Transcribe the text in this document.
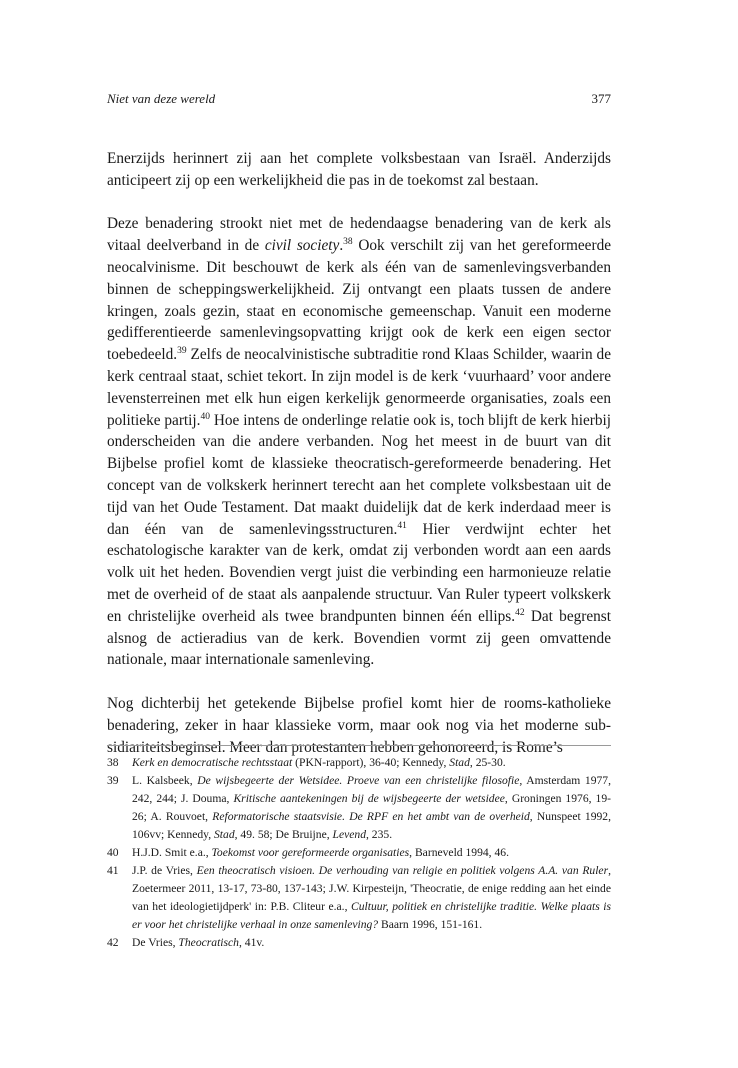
Niet van deze wereld	377

Enerzijds herinnert zij aan het complete volksbestaan van Israël. Anderzijds anticipeert zij op een werkelijkheid die pas in de toekomst zal bestaan.

Deze benadering strookt niet met de hedendaagse benadering van de kerk als vitaal deelverband in de civil society.$^{38}$ Ook verschilt zij van het gereformeerde neocalvinisme. Dit beschouwt de kerk als één van de samenlevingsverbanden binnen de scheppingswerkelijkheid. Zij ontvangt een plaats tussen de andere kringen, zoals gezin, staat en economische gemeenschap. Vanuit een moderne gedifferentieerde samenlevingsopvatting krijgt ook de kerk een eigen sector toebedeeld.$^{39}$ Zelfs de neocalvinistische subtraditie rond Klaas Schilder, waarin de kerk centraal staat, schiet tekort. In zijn model is de kerk ‘vuurhaard’ voor andere levensterreinen met elk hun eigen kerkelijk genormeerde organisaties, zoals een politieke partij.$^{40}$ Hoe intens de onderlinge relatie ook is, toch blijft de kerk hierbij onderscheiden van die andere verbanden. Nog het meest in de buurt van dit Bijbelse profiel komt de klassieke theocratisch-gereformeerde benadering. Het concept van de volkskerk herinnert terecht aan het complete volksbestaan uit de tijd van het Oude Testament. Dat maakt duidelijk dat de kerk inderdaad meer is dan één van de samenlevingsstructuren.$^{41}$ Hier verdwijnt echter het eschatologische karakter van de kerk, omdat zij verbonden wordt aan een aards volk uit het heden. Bovendien vergt juist die verbinding een harmonieuze relatie met de overheid of de staat als aanpalende structuur. Van Ruler typeert volkskerk en christelijke overheid als twee brandpunten binnen één ellips.$^{42}$ Dat begrenst alsnog de actieradius van de kerk. Bovendien vormt zij geen omvattende nationale, maar internationale samenleving.

Nog dichterbij het getekende Bijbelse profiel komt hier de rooms-katholieke benadering, zeker in haar klassieke vorm, maar ook nog via het moderne subsidiariteitsbeginsel. Meer dan protestanten hebben gehonoreerd, is Rome’s

38	Kerk en democratische rechtsstaat (PKN-rapport), 36-40; Kennedy, Stad, 25-30.
39	L. Kalsbeek, De wijsbegeerte der Wetsidee. Proeve van een christelijke filosofie, Amsterdam 1977, 242, 244; J. Douma, Kritische aantekeningen bij de wijsbegeerte der wetsidee, Groningen 1976, 19-26; A. Rouvoet, Reformatorische staatsvisie. De RPF en het ambt van de overheid, Nunspeet 1992, 106vv; Kennedy, Stad, 49. 58; De Bruijne, Levend, 235.
40	H.J.D. Smit e.a., Toekomst voor gereformeerde organisaties, Barneveld 1994, 46.
41	J.P. de Vries, Een theocratisch visioen. De verhouding van religie en politiek volgens A.A. van Ruler, Zoetermeer 2011, 13-17, 73-80, 137-143; J.W. Kirpesteijn, 'Theocratie, de enige redding aan het einde van het ideologietijdperk' in: P.B. Cliteur e.a., Cultuur, politiek en christelijke traditie. Welke plaats is er voor het christelijke verhaal in onze samenleving? Baarn 1996, 151-161.
42	De Vries, Theocratisch, 41v.
